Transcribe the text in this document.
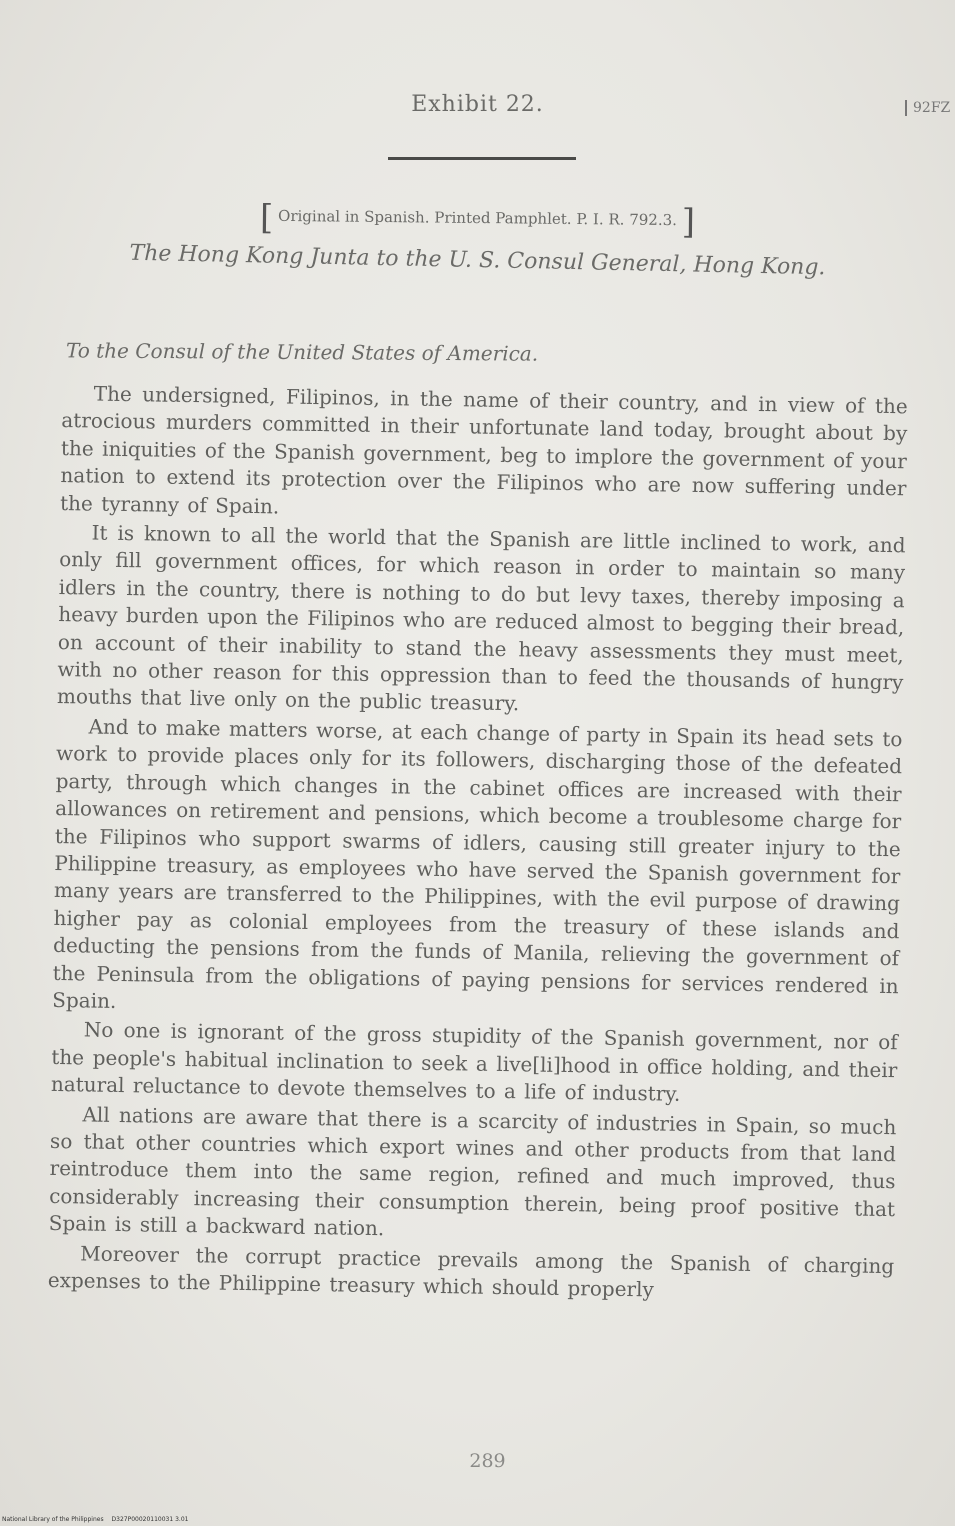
Exhibit 22.	92FZ
[ Original in Spanish. Printed Pamphlet. P. I. R. 792.3. ]
The Hong Kong Junta to the U. S. Consul General, Hong Kong.
To the Consul of the United States of America.

The undersigned, Filipinos, in the name of their country, and in view of the atrocious murders committed in their unfortunate land today, brought about by the iniquities of the Spanish government, beg to implore the government of your nation to extend its protection over the Filipinos who are now suffering under the tyranny of Spain.

It is known to all the world that the Spanish are little inclined to work, and only fill government offices, for which reason in order to maintain so many idlers in the country, there is nothing to do but levy taxes, thereby imposing a heavy burden upon the Filipinos who are reduced almost to begging their bread, on account of their inability to stand the heavy assessments they must meet, with no other reason for this oppression than to feed the thousands of hungry mouths that live only on the public treasury.

And to make matters worse, at each change of party in Spain its head sets to work to provide places only for its followers, discharging those of the defeated party, through which changes in the cabinet offices are increased with their allowances on retirement and pensions, which become a troublesome charge for the Filipinos who support swarms of idlers, causing still greater injury to the Philippine treasury, as employees who have served the Spanish government for many years are transferred to the Philippines, with the evil purpose of drawing higher pay as colonial employees from the treasury of these islands and deducting the pensions from the funds of Manila, relieving the government of the Peninsula from the obligations of paying pensions for services rendered in Spain.

No one is ignorant of the gross stupidity of the Spanish government, nor of the people's habitual inclination to seek a live[li]hood in office holding, and their natural reluctance to devote themselves to a life of industry.

All nations are aware that there is a scarcity of industries in Spain, so much so that other countries which export wines and other products from that land reintroduce them into the same region, refined and much improved, thus considerably increasing their consumption therein, being proof positive that Spain is still a backward nation.

Moreover the corrupt practice prevails among the Spanish of charging expenses to the Philippine treasury which should properly

289
National Library of the Philippines D327P00020110031 3.01
